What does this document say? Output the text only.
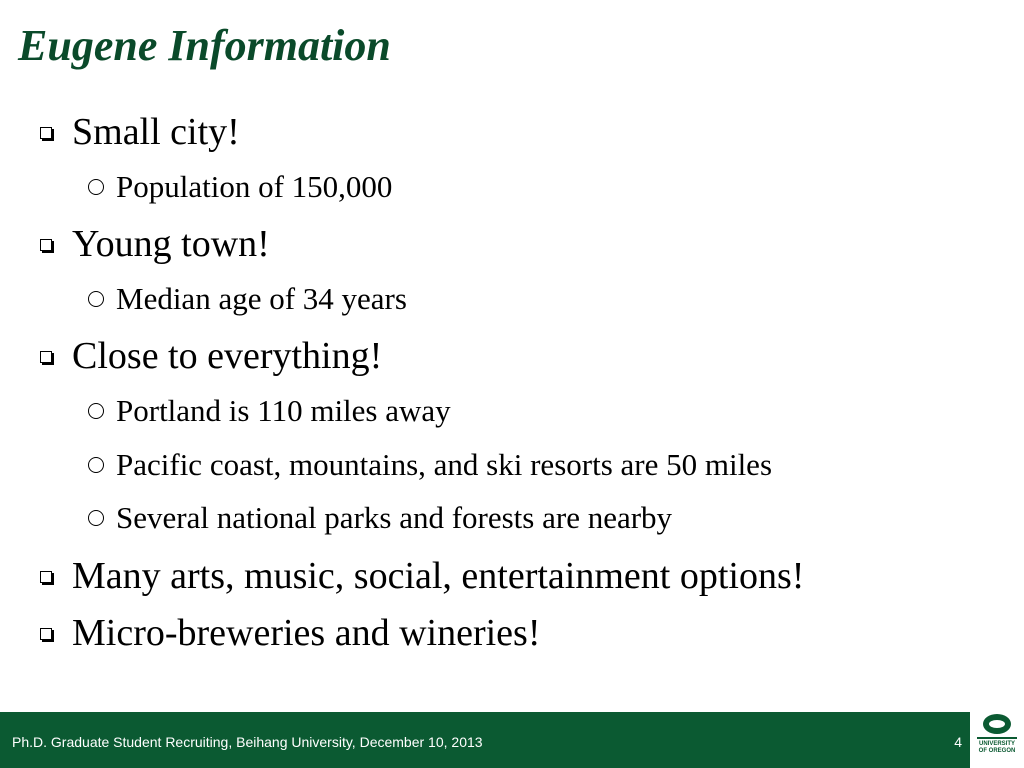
Eugene Information
Small city!
Population of 150,000
Young town!
Median age of 34 years
Close to everything!
Portland is 110 miles away
Pacific coast, mountains, and ski resorts are 50 miles
Several national parks and forests are nearby
Many arts, music, social, entertainment options!
Micro-breweries and wineries!
Ph.D. Graduate Student Recruiting, Beihang University, December 10, 2013	4	UNIVERSITY
OF OREGON
